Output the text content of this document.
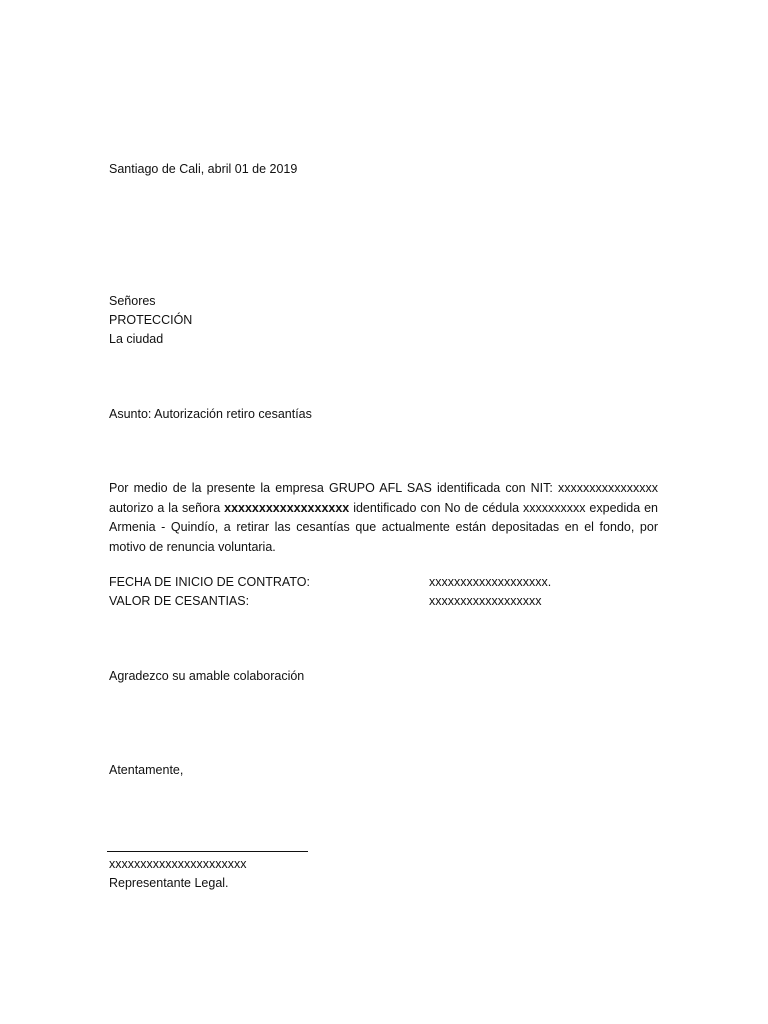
Santiago de Cali, abril 01 de 2019
Señores
PROTECCIÓN
La ciudad
Asunto: Autorización retiro cesantías
Por medio de la presente la empresa GRUPO AFL SAS identificada con NIT: xxxxxxxxxxxxxxxx autorizo a la señora xxxxxxxxxxxxxxxxxx identificado con No de cédula xxxxxxxxxx expedida en Armenia - Quindío, a retirar las cesantías que actualmente están depositadas en el fondo, por motivo de renuncia voluntaria.
FECHA DE INICIO DE CONTRATO:	xxxxxxxxxxxxxxxxxxx.
VALOR DE CESANTIAS:	xxxxxxxxxxxxxxxxxx
Agradezco su amable colaboración
Atentamente,
xxxxxxxxxxxxxxxxxxxxxx
Representante Legal.
